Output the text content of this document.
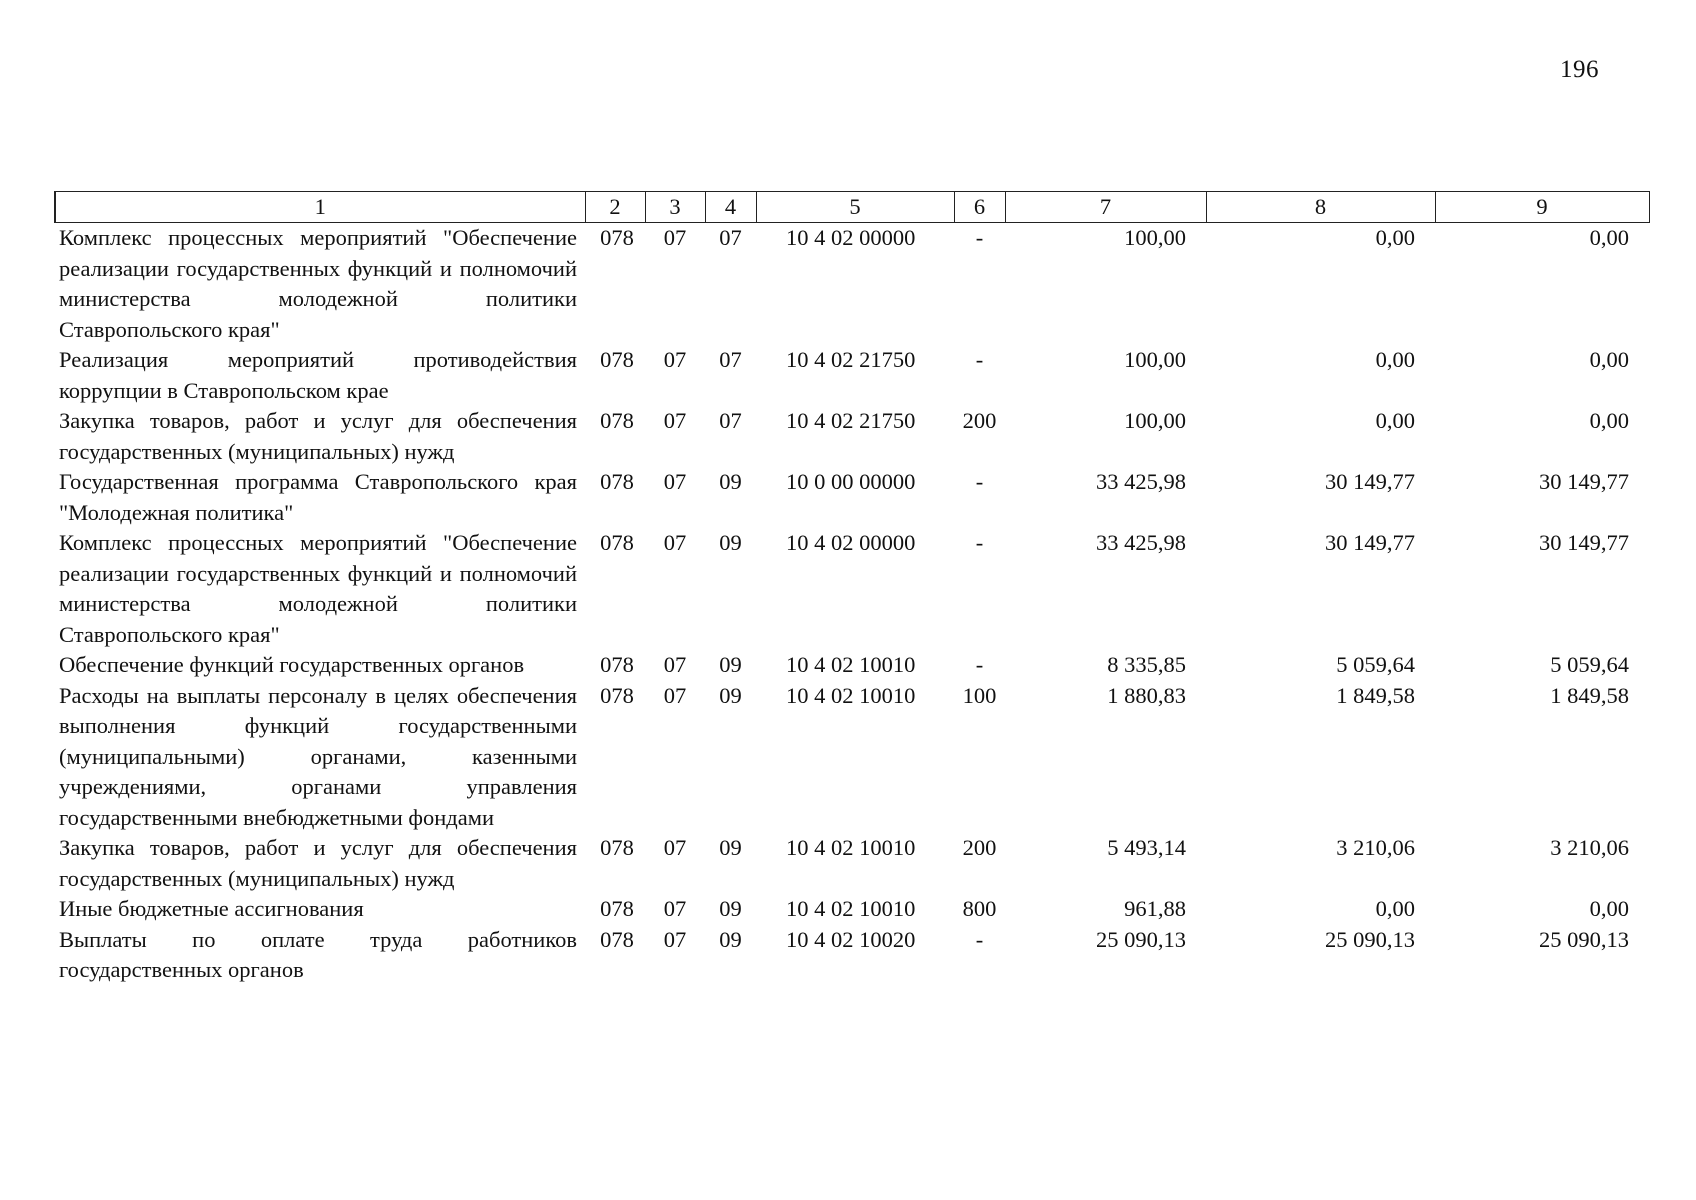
196
1	2	3	4	5	6	7	8	9
Комплекс процессных мероприятий "Обеспечение реализации государственных функций и полномочий министерства молодежной политики Ставропольского края"	078	07	07	10 4 02 00000	-	100,00	0,00	0,00
Реализация мероприятий противодействия коррупции в Ставропольском крае	078	07	07	10 4 02 21750	-	100,00	0,00	0,00
Закупка товаров, работ и услуг для обеспечения государственных (муниципальных) нужд	078	07	07	10 4 02 21750	200	100,00	0,00	0,00
Государственная программа Ставропольского края "Молодежная политика"	078	07	09	10 0 00 00000	-	33 425,98	30 149,77	30 149,77
Комплекс процессных мероприятий "Обеспечение реализации государственных функций и полномочий министерства молодежной политики Ставропольского края"	078	07	09	10 4 02 00000	-	33 425,98	30 149,77	30 149,77
Обеспечение функций государственных органов	078	07	09	10 4 02 10010	-	8 335,85	5 059,64	5 059,64
Расходы на выплаты персоналу в целях обеспечения выполнения функций государственными (муниципальными) органами, казенными учреждениями, органами управления государственными внебюджетными фондами	078	07	09	10 4 02 10010	100	1 880,83	1 849,58	1 849,58
Закупка товаров, работ и услуг для обеспечения государственных (муниципальных) нужд	078	07	09	10 4 02 10010	200	5 493,14	3 210,06	3 210,06
Иные бюджетные ассигнования	078	07	09	10 4 02 10010	800	961,88	0,00	0,00
Выплаты по оплате труда работников государственных органов	078	07	09	10 4 02 10020	-	25 090,13	25 090,13	25 090,13
